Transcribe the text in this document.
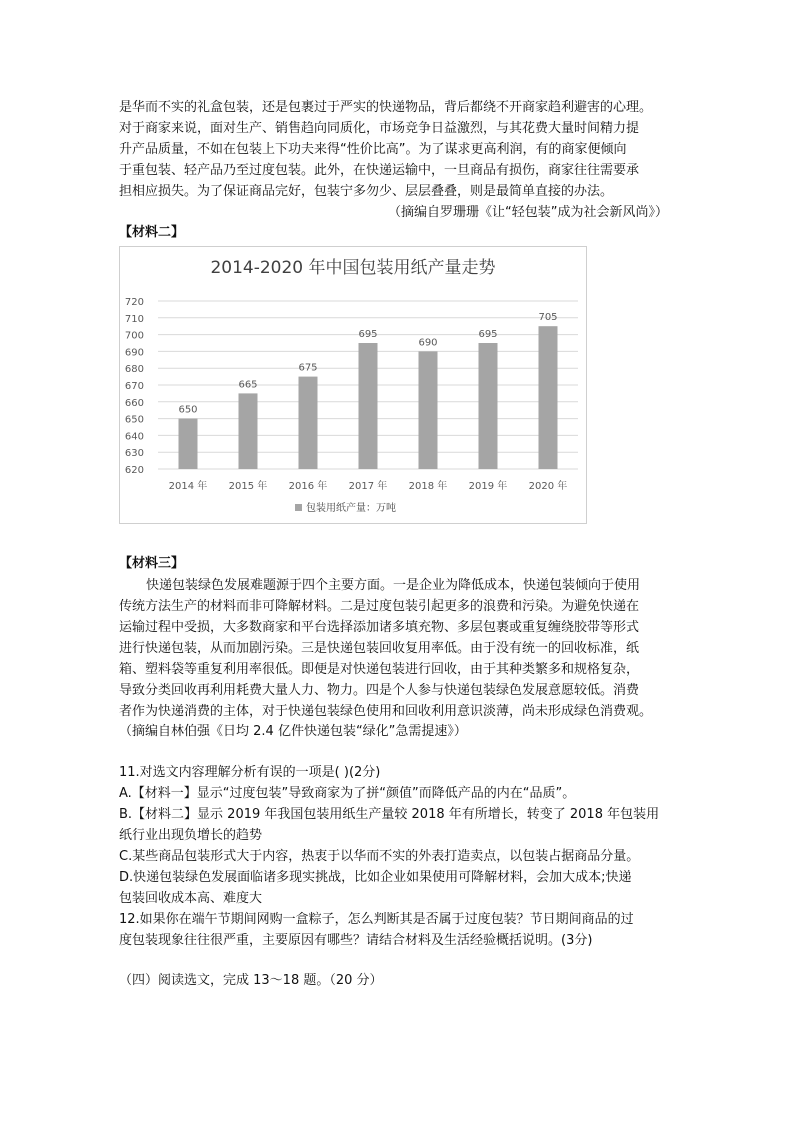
是华而不实的礼盒包装，还是包裹过于严实的快递物品，背后都绕不开商家趋利避害的心理。
对于商家来说，面对生产、销售趋向同质化，市场竞争日益激烈，与其花费大量时间精力提
升产品质量，不如在包装上下功夫来得“性价比高”。为了谋求更高利润，有的商家便倾向
于重包装、轻产品乃至过度包装。此外，在快递运输中，一旦商品有损伤，商家往往需要承
担相应损失。为了保证商品完好，包装宁多勿少、层层叠叠，则是最简单直接的办法。
（摘编自罗珊珊《让“轻包装”成为社会新风尚》）
【材料二】
2014-2020 年中国包装用纸产量走势
650
665
675
695
690
695
705
2014 年 2015 年 2016 年 2017 年 2018 年 2019 年 2020 年
620
630
640
650
660
670
680
690
700
710
720
包装用纸产量：万吨
【材料三】
快递包装绿色发展难题源于四个主要方面。一是企业为降低成本，快递包装倾向于使用
传统方法生产的材料而非可降解材料。二是过度包装引起更多的浪费和污染。为避免快递在
运输过程中受损，大多数商家和平台选择添加诸多填充物、多层包裹或重复缠绕胶带等形式
进行快递包装，从而加剧污染。三是快递包装回收复用率低。由于没有统一的回收标准，纸
箱、塑料袋等重复利用率很低。即便是对快递包装进行回收，由于其种类繁多和规格复杂，
导致分类回收再利用耗费大量人力、物力。四是个人参与快递包装绿色发展意愿较低。消费
者作为快递消费的主体，对于快递包装绿色使用和回收利用意识淡薄，尚未形成绿色消费观。
（摘编自林伯强《日均 2.4 亿件快递包装“绿化”急需提速》）
11.对选文内容理解分析有误的一项是( )(2分)
A.【材料一】显示“过度包装”导致商家为了拼“颜值”而降低产品的内在“品质”。
B.【材料二】显示 2019 年我国包装用纸生产量较 2018 年有所增长，转变了 2018 年包装用
纸行业出现负增长的趋势
C.某些商品包装形式大于内容，热衷于以华而不实的外表打造卖点，以包装占据商品分量。
D.快递包装绿色发展面临诸多现实挑战，比如企业如果使用可降解材料，会加大成本;快递
包装回收成本高、难度大
12.如果你在端午节期间网购一盒粽子，怎么判断其是否属于过度包装？节日期间商品的过
度包装现象往往很严重，主要原因有哪些？请结合材料及生活经验概括说明。(3分)
（四）阅读选文，完成 13～18 题。（20 分）
